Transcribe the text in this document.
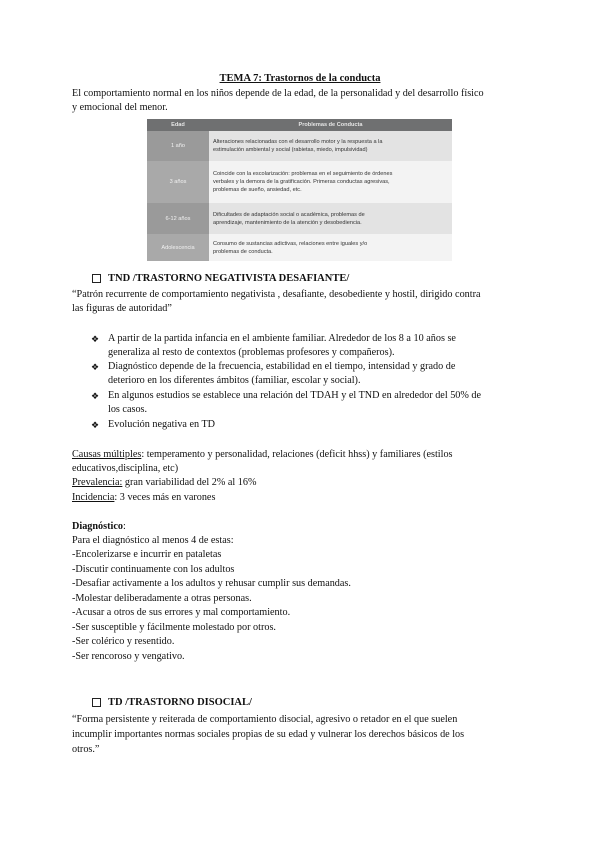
TEMA 7: Trastornos de la conducta
El comportamiento normal en los niños depende de la edad, de la personalidad y del desarrollo físico
y emocional del menor.
Edad	Problemas de Conducta
1 año	Alteraciones relacionadas con el desarrollo motor y la respuesta a la
estimulación ambiental y social (rabietas, miedo, impulsividad)

3 años	Coincide con la escolarización: problemas en el seguimiento de órdenes
verbales y la demora de la gratificación. Primeras conductas agresivas,
problemas de sueño, ansiedad, etc.

6-12 años	Dificultades de adaptación social o académica, problemas de
aprendizaje, mantenimiento de la atención y desobediencia.

Adolescencia	Consumo de sustancias adictivas, relaciones entre iguales y/o
problemas de conducta.
TND /TRASTORNO NEGATIVISTA DESAFIANTE/
“Patrón recurrente de comportamiento negativista , desafiante, desobediente y hostil, dirigido contra
las figuras de autoridad”
❖ A partir de la partida infancia en el ambiente familiar. Alrededor de los 8 a 10 años se
generaliza al resto de contextos (problemas profesores y compañeros).
❖ Diagnóstico depende de la frecuencia, estabilidad en el tiempo, intensidad y grado de
deterioro en los diferentes ámbitos (familiar, escolar y social).
❖ En algunos estudios se establece una relación del TDAH y el TND en alrededor del 50% de
los casos.
❖ Evolución negativa en TD
Causas múltiples: temperamento y personalidad, relaciones (deficit hhss) y familiares (estilos
educativos,disciplina, etc)
Prevalencia: gran variabilidad del 2% al 16%
Incidencia: 3 veces más en varones
Diagnóstico:
Para el diagnóstico al menos 4 de estas:
-Encolerizarse e incurrir en pataletas
-Discutir continuamente con los adultos
-Desafiar activamente a los adultos y rehusar cumplir sus demandas.
-Molestar deliberadamente a otras personas.
-Acusar a otros de sus errores y mal comportamiento.
-Ser susceptible y fácilmente molestado por otros.
-Ser colérico y resentido.
-Ser rencoroso y vengativo.
TD /TRASTORNO DISOCIAL/
“Forma persistente y reiterada de comportamiento disocial, agresivo o retador en el que suelen
incumplir importantes normas sociales propias de su edad y vulnerar los derechos básicos de los
otros.”
